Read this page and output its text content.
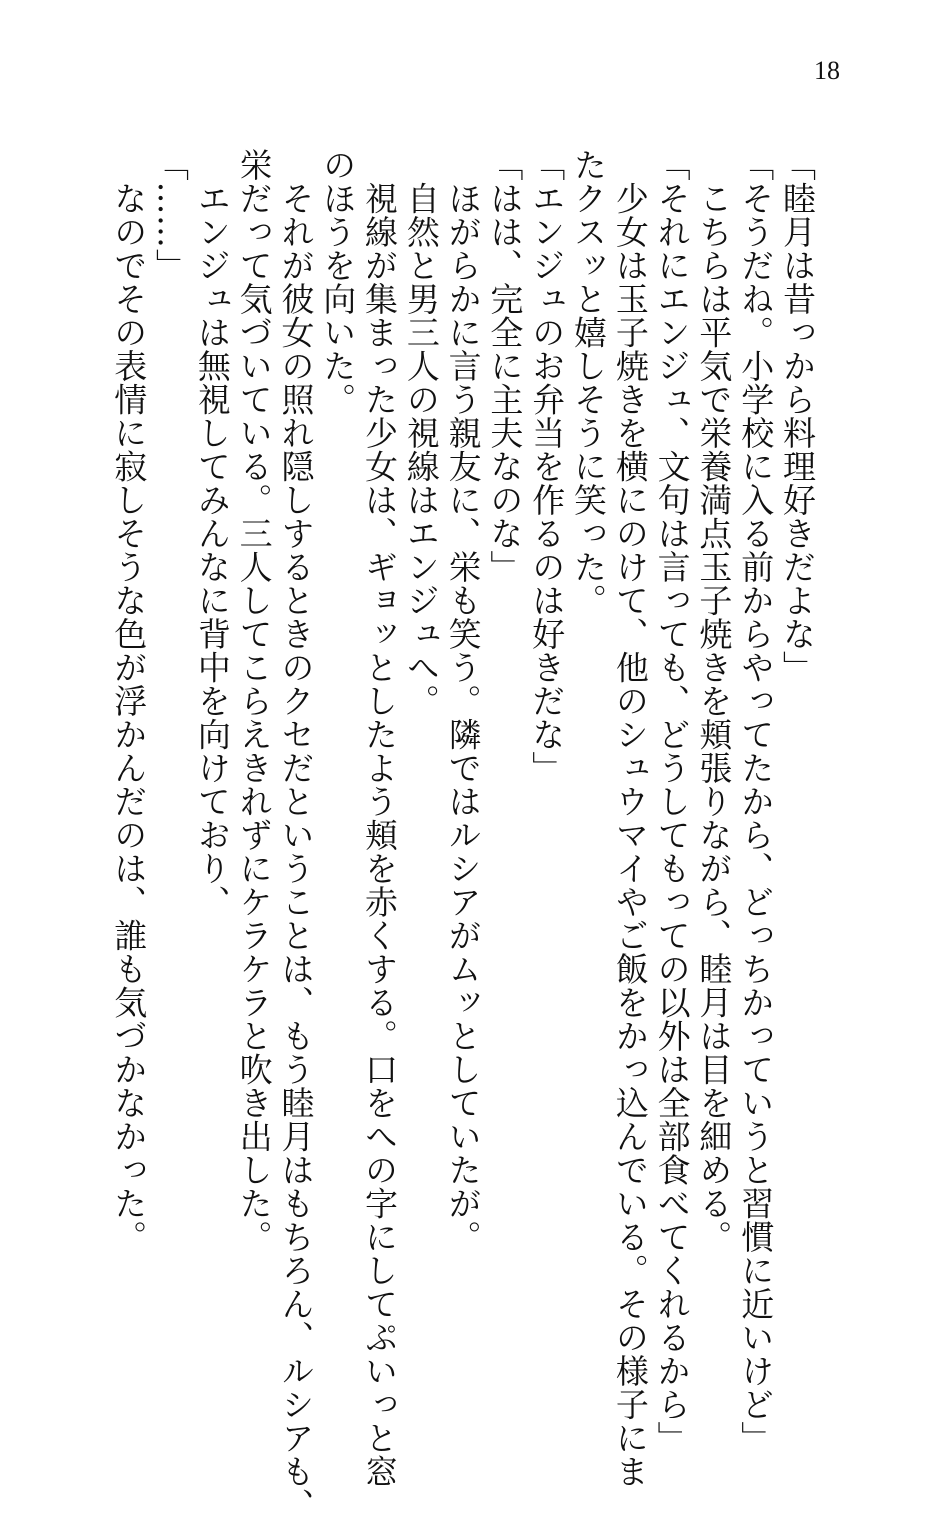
18
「睦月は昔っから料理好きだよな」
「そうだね。小学校に入る前からやってたから、どっちかっていうと習慣に近いけど」
　こちらは平気で栄養満点玉子焼きを頬張りながら、睦月は目を細める。
「それにエンジュ、文句は言っても、どうしてもっての以外は全部食べてくれるから」
　少女は玉子焼きを横にのけて、他のシュウマイやご飯をかっ込んでいる。その様子にま
たクスッと嬉しそうに笑った。
「エンジュのお弁当を作るのは好きだな」
「はは、完全に主夫なのな」
　ほがらかに言う親友に、栄も笑う。隣ではルシアがムッとしていたが。
　自然と男三人の視線はエンジュへ。
　視線が集まった少女は、ギョッとしたよう頬を赤くする。口をへの字にしてぷいっと窓
のほうを向いた。
　それが彼女の照れ隠しするときのクセだということは、もう睦月はもちろん、ルシアも、
栄だって気づいている。三人してこらえきれずにケラケラと吹き出した。
　エンジュは無視してみんなに背中を向けており、
「……」
　なのでその表情に寂しそうな色が浮かんだのは、誰も気づかなかった。
